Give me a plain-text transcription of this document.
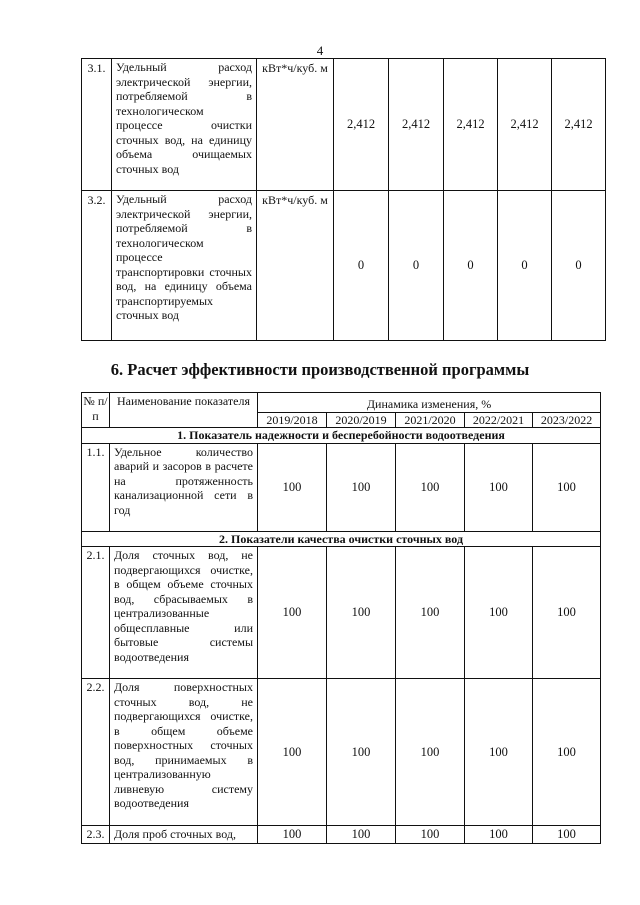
4
3.1.	Удельный расход электрической энергии, потребляемой в технологическом процессе очистки сточных вод, на единицу объема очищаемых сточных вод	кВт*ч/куб. м	2,412	2,412	2,412	2,412	2,412
3.2.	Удельный расход электрической энергии, потребляемой в технологическом процессе транспортировки сточных вод, на единицу объема транспортируемых сточных вод	кВт*ч/куб. м	0	0	0	0	0
6. Расчет эффективности производственной программы
№ п/п	Наименование показателя	Динамика изменения, %				
		2019/2018	2020/2019	2021/2020	2022/2021	2023/2022
1. Показатель надежности и бесперебойности водоотведения						
1.1.	Удельное количество аварий и засоров в расчете на протяженность канализационной сети в год	100	100	100	100	100
2. Показатели качества очистки сточных вод						
2.1.	Доля сточных вод, не подвергающихся очистке, в общем объеме сточных вод, сбрасываемых в централизованные общесплавные или бытовые системы водоотведения	100	100	100	100	100
2.2.	Доля поверхностных сточных вод, не подвергающихся очистке, в общем объеме поверхностных сточных вод, принимаемых в централизованную ливневую систему водоотведения	100	100	100	100	100
2.3.	Доля проб сточных вод,	100	100	100	100	100
